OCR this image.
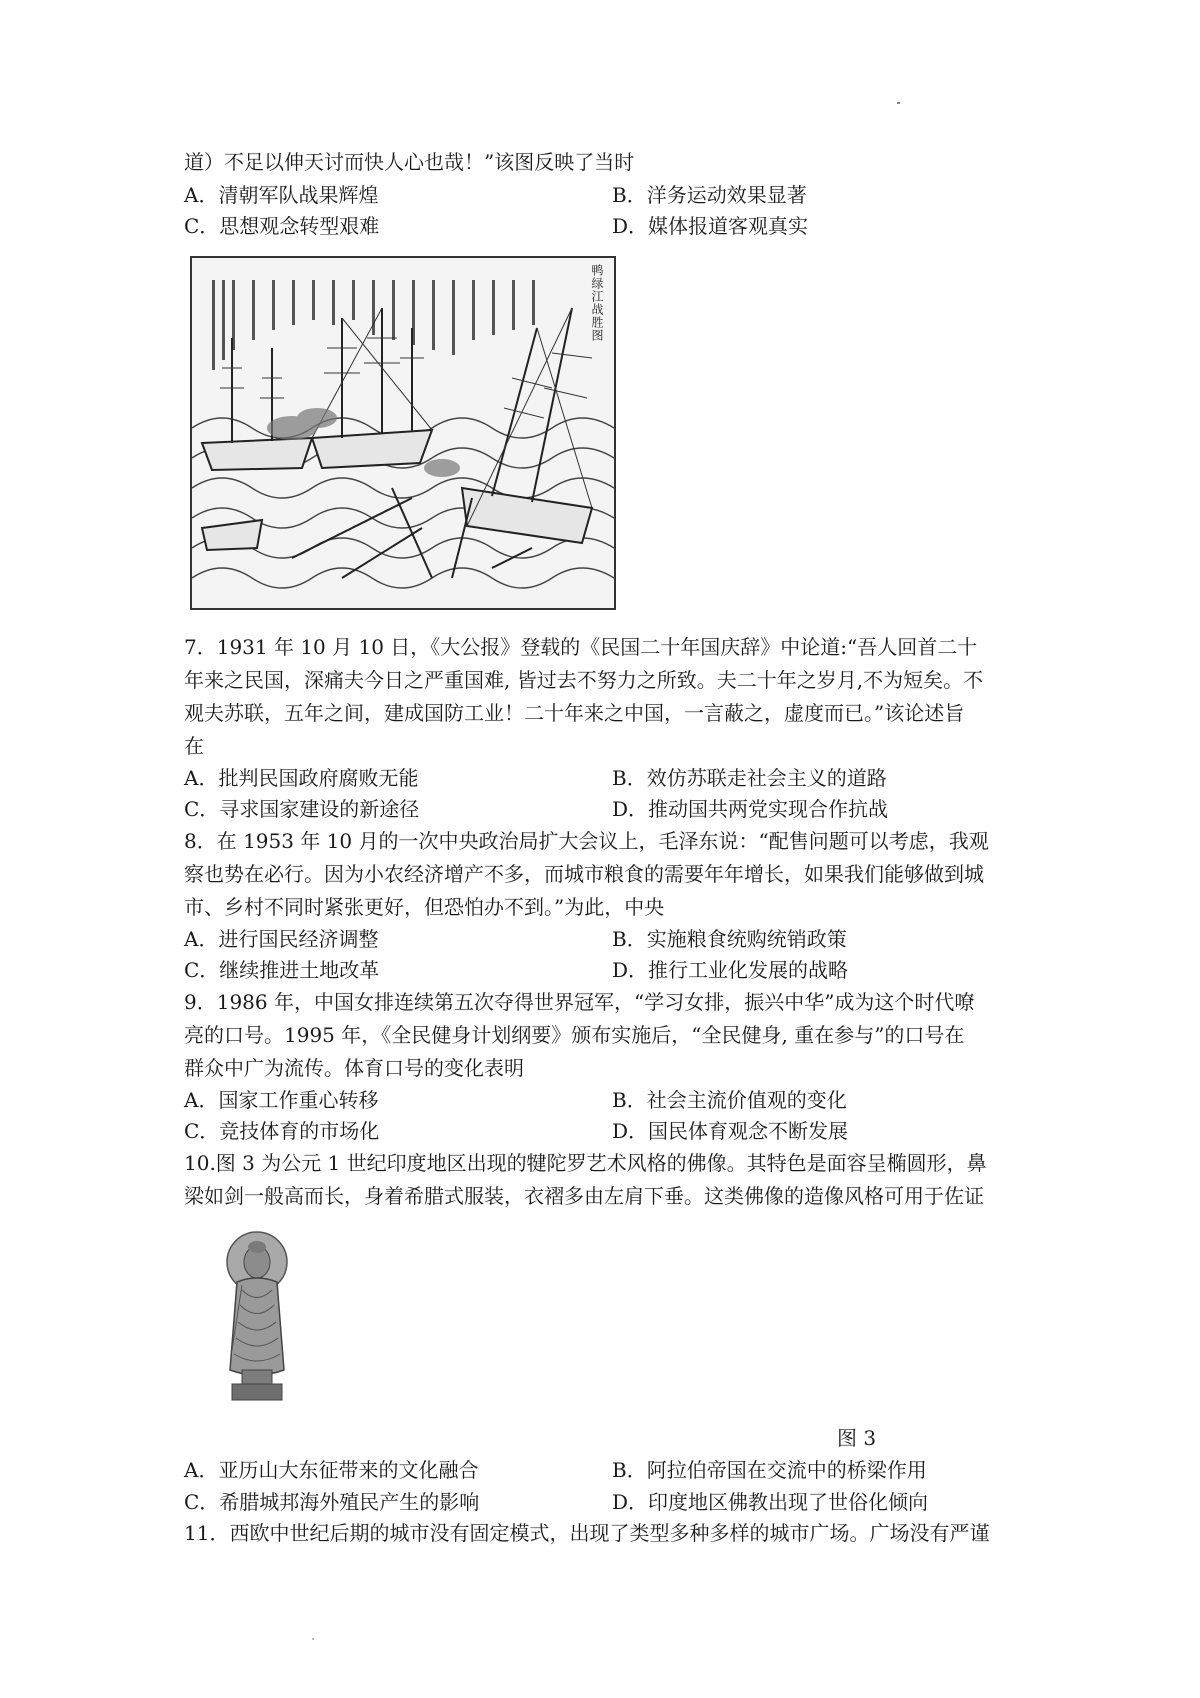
道）不足以伸天讨而快人心也哉！”该图反映了当时
A．清朝军队战果辉煌	B．洋务运动效果显著
C．思想观念转型艰难	D．媒体报道客观真实
鸭绿江战胜图
7．1931 年 10 月 10 日，《大公报》登载的《民国二十年国庆辞》中论道:“吾人回首二十
年来之民国，深痛夫今日之严重国难, 皆过去不努力之所致。夫二十年之岁月,不为短矣。不
观夫苏联，五年之间，建成国防工业！二十年来之中国，一言蔽之，虚度而已。”该论述旨
在
A．批判民国政府腐败无能	B．效仿苏联走社会主义的道路
C．寻求国家建设的新途径	D．推动国共两党实现合作抗战
8．在 1953 年 10 月的一次中央政治局扩大会议上，毛泽东说：“配售问题可以考虑，我观
察也势在必行。因为小农经济增产不多，而城市粮食的需要年年增长，如果我们能够做到城
市、乡村不同时紧张更好，但恐怕办不到。”为此，中央
A．进行国民经济调整	B．实施粮食统购统销政策
C．继续推进土地改革	D．推行工业化发展的战略
9．1986 年，中国女排连续第五次夺得世界冠军，“学习女排，振兴中华”成为这个时代嘹
亮的口号。1995 年，《全民健身计划纲要》颁布实施后，“全民健身, 重在参与”的口号在
群众中广为流传。体育口号的变化表明
A．国家工作重心转移	B．社会主流价值观的变化
C．竞技体育的市场化	D．国民体育观念不断发展
10.图 3 为公元 1 世纪印度地区出现的犍陀罗艺术风格的佛像。其特色是面容呈椭圆形，鼻
梁如剑一般高而长，身着希腊式服装，衣褶多由左肩下垂。这类佛像的造像风格可用于佐证
图 3
A．亚历山大东征带来的文化融合	B．阿拉伯帝国在交流中的桥梁作用
C．希腊城邦海外殖民产生的影响	D．印度地区佛教出现了世俗化倾向
11．西欧中世纪后期的城市没有固定模式，出现了类型多种多样的城市广场。广场没有严谨
